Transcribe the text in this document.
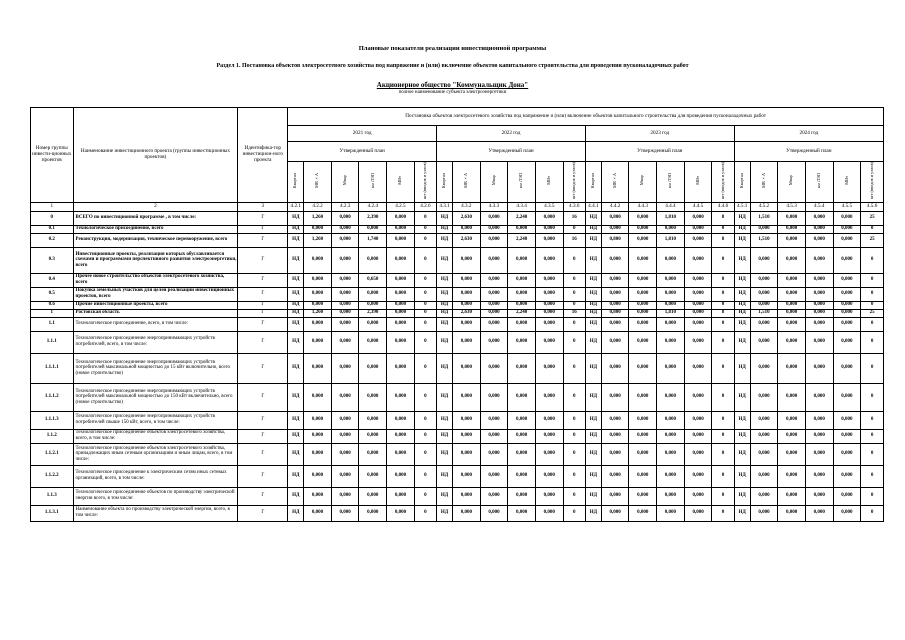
Плановые показатели реализации инвестиционной программы
Раздел 1. Постановка объектов электросетевого хозяйства под напряжение и (или) включение объектов капитального строительства для проведения пусконаладочных работ
Акционерное общество "Коммунальщик Дона"
полное наименование субъекта электроэнергетики
Номер группы инвести-ционных проектов	Наименование инвестиционного проекта (группы инвестиционных проектов)	Идентифика-тор инвестицион-ного проекта	Постановка объектов электросетевого хозяйства под напряжение и (или) включение объектов капитального строительства для проведения пусконаладочных работ																							
			2021 год						2022 год						2023 год						2024 год					
			Утвержденный план						Утвержденный план						Утвержденный план						Утвержденный план					
			Квартал	МВ×А	Мвар	км ЛЭП	МВт	шт (вводов и узлов)	Квартал	МВ×А	Мвар	км ЛЭП	МВт	шт (вводов и узлов)	Квартал	МВ×А	Мвар	км ЛЭП	МВт	шт (вводов и узлов)	Квартал	МВ×А	Мвар	км ЛЭП	МВт	шт (вводов и узлов)
1	2	3	4.2.1	4.2.2	4.2.3	4.2.4	4.2.5	4.2.6	4.3.1	4.3.2	4.3.3	4.3.4	4.3.5	4.3.6	4.4.1	4.4.2	4.4.3	4.4.4	4.4.5	4.4.6	4.5.1	4.5.2	4.5.3	4.5.4	4.5.5	4.5.6
0	ВСЕГО по инвестиционной программе , в том числе:	Г	НД	1,260	0,000	2,390	0,000	0	НД	2,630	0,000	2,240	0,000	16	НД	0,800	0,000	1,810	0,000	8	НД	1,510	0,000	0,000	0,000	25
0.1	Технологическое присоединение, всего	Г	НД	0,000	0,000	0,000	0,000	0	НД	0,000	0,000	0,000	0,000	0	НД	0,000	0,000	0,000	0,000	0	НД	0,000	0,000	0,000	0,000	0
0.2	Реконструкция, модернизация, техническое перевооружение, всего	Г	НД	1,260	0,000	1,740	0,000	0	НД	2,630	0,000	2,240	0,000	16	НД	0,800	0,000	1,810	0,000	8	НД	1,510	0,000	0,000	0,000	25
0.3	Инвестиционные проекты, реализация которых обуславливается схемами и программами перспективного развития электроэнергетики, всего	Г	НД	0,000	0,000	0,000	0,000	0	НД	0,000	0,000	0,000	0,000	0	НД	0,000	0,000	0,000	0,000	0	НД	0,000	0,000	0,000	0,000	0
0.4	Прочее новое строительство объектов электросетевого хозяйства, всего	Г	НД	0,000	0,000	0,650	0,000	0	НД	0,000	0,000	0,000	0,000	0	НД	0,000	0,000	0,000	0,000	0	НД	0,000	0,000	0,000	0,000	0
0.5	Покупка земельных участков для целей реализации инвестиционных проектов, всего	Г	НД	0,000	0,000	0,000	0,000	0	НД	0,000	0,000	0,000	0,000	0	НД	0,000	0,000	0,000	0,000	0	НД	0,000	0,000	0,000	0,000	0
0.6	Прочие инвестиционные проекты, всего	Г	НД	0,000	0,000	0,000	0,000	0	НД	0,000	0,000	0,000	0,000	0	НД	0,000	0,000	0,000	0,000	0	НД	0,000	0,000	0,000	0,000	0
1	Ростовская область	Г	НД	1,260	0,000	2,390	0,000	0	НД	2,630	0,000	2,240	0,000	16	НД	0,800	0,000	1,810	0,000	8	НД	1,510	0,000	0,000	0,000	25
1.1	Технологическое присоединение, всего, в том числе:	Г	НД	0,000	0,000	0,000	0,000	0	НД	0,000	0,000	0,000	0,000	0	НД	0,000	0,000	0,000	0,000	0	НД	0,000	0,000	0,000	0,000	0
1.1.1	Технологическое присоединение энергопринимающих устройств потребителей, всего, в том числе:	Г	НД	0,000	0,000	0,000	0,000	0	НД	0,000	0,000	0,000	0,000	0	НД	0,000	0,000	0,000	0,000	0	НД	0,000	0,000	0,000	0,000	0
1.1.1.1	Технологическое присоединение энергопринимающих устройств потребителей максимальной мощностью до 15 кВт включительно, всего (новое строительство)	Г	НД	0,000	0,000	0,000	0,000	0	НД	0,000	0,000	0,000	0,000	0	НД	0,000	0,000	0,000	0,000	0	НД	0,000	0,000	0,000	0,000	0
1.1.1.2	Технологическое присоединение энергопринимающих устройств потребителей максимальной мощностью до 150 кВт включительно, всего (новое строительство)	Г	НД	0,000	0,000	0,000	0,000	0	НД	0,000	0,000	0,000	0,000	0	НД	0,000	0,000	0,000	0,000	0	НД	0,000	0,000	0,000	0,000	0
1.1.1.3	Технологическое присоединение энергопринимающих устройств потребителей свыше 150 кВт, всего, в том числе:	Г	НД	0,000	0,000	0,000	0,000	0	НД	0,000	0,000	0,000	0,000	0	НД	0,000	0,000	0,000	0,000	0	НД	0,000	0,000	0,000	0,000	0
1.1.2	Технологическое присоединение объектов электросетевого хозяйства, всего, в том числе:	Г	НД	0,000	0,000	0,000	0,000	0	НД	0,000	0,000	0,000	0,000	0	НД	0,000	0,000	0,000	0,000	0	НД	0,000	0,000	0,000	0,000	0
1.1.2.1	Технологическое присоединение объектов электросетевого хозяйства, принадлежащих иным сетевым организациям и иным лицам, всего, в том числе:	Г	НД	0,000	0,000	0,000	0,000	0	НД	0,000	0,000	0,000	0,000	0	НД	0,000	0,000	0,000	0,000	0	НД	0,000	0,000	0,000	0,000	0
1.1.2.2	Технологическое присоединение к электрическим сетям иных сетевых организаций, всего, в том числе:	Г	НД	0,000	0,000	0,000	0,000	0	НД	0,000	0,000	0,000	0,000	0	НД	0,000	0,000	0,000	0,000	0	НД	0,000	0,000	0,000	0,000	0
1.1.3	Технологическое присоединение объектов по производству электрической энергии всего, в том числе:	Г	НД	0,000	0,000	0,000	0,000	0	НД	0,000	0,000	0,000	0,000	0	НД	0,000	0,000	0,000	0,000	0	НД	0,000	0,000	0,000	0,000	0
1.1.3.1	Наименование объекта по производству электрической энергии, всего, в том числе:	Г	НД	0,000	0,000	0,000	0,000	0	НД	0,000	0,000	0,000	0,000	0	НД	0,000	0,000	0,000	0,000	0	НД	0,000	0,000	0,000	0,000	0
